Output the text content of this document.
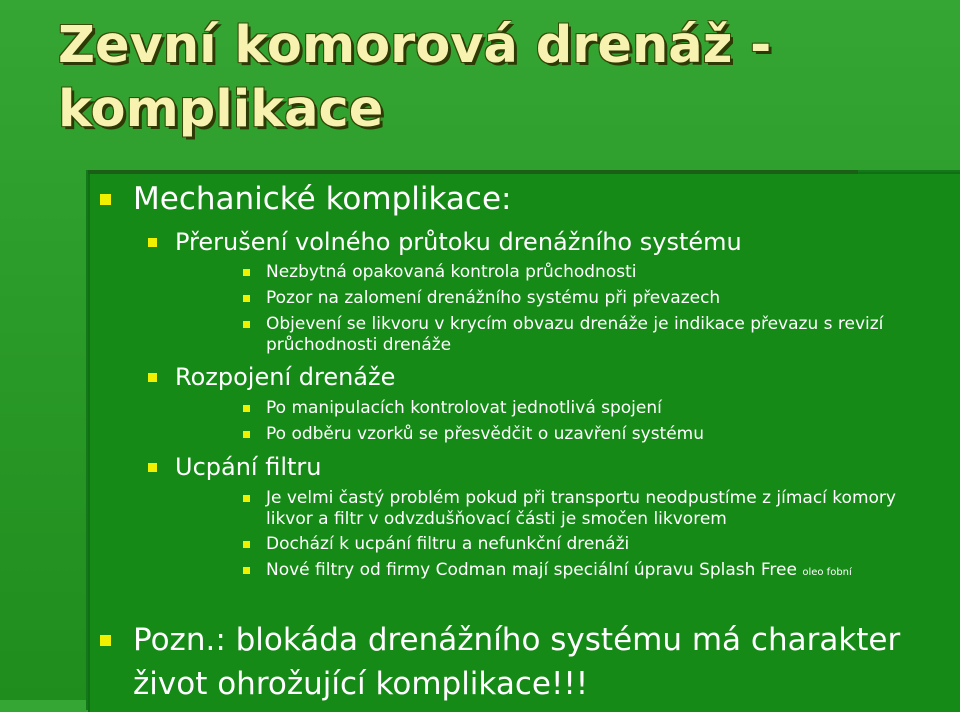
Zevní komorová drenáž - komplikace
Mechanické komplikace:
Přerušení volného průtoku drenážního systému
Nezbytná opakovaná kontrola průchodnosti
Pozor na zalomení drenážního systému při převazech
Objevení se likvoru v krycím obvazu drenáže je indikace převazu s revizí průchodnosti drenáže
Rozpojení drenáže
Po manipulacích kontrolovat jednotlivá spojení
Po odběru vzorků se přesvědčit o uzavření systému
Ucpání filtru
Je velmi častý problém pokud při transportu neodpustíme z jímací komory likvor a filtr v odvzdušňovací části je smočen likvorem
Dochází k ucpání filtru a nefunkční drenáži
Nové filtry od firmy Codman mají speciální úpravu Splash Free oleo fobní
Pozn.: blokáda drenážního systému má charakter život ohrožující komplikace!!!
